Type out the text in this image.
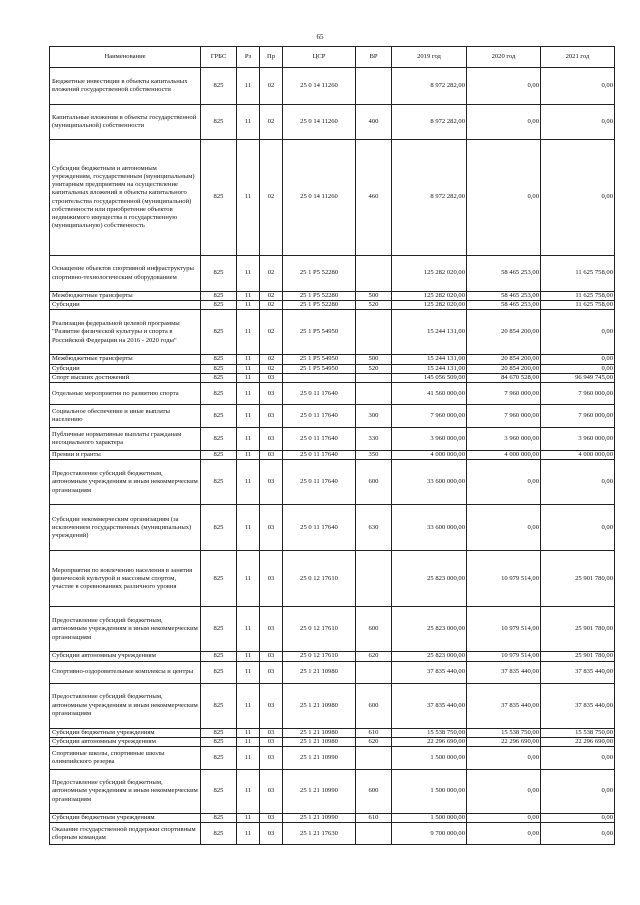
65
Наименование	ГРБС	Рз	Пр	ЦСР	ВР	2019 год	2020 год	2021 год
Бюджетные инвестиции в объекты капитальных вложений государственной собственности	825	11	02	25 0 14 11260		8 972 282,00	0,00	0,00
Капитальные вложения в объекты государственной (муниципальной) собственности	825	11	02	25 0 14 11260	400	8 972 282,00	0,00	0,00
Субсидии бюджетным и автономным учреждениям, государственным (муниципальным) унитарным предприятиям на осуществление капитальных вложений в объекты капитального строительства государственной (муниципальной) собственности или приобретение объектов недвижимого имущества в государственную (муниципальную) собственность	825	11	02	25 0 14 11260	460	8 972 282,00	0,00	0,00
Оснащение объектов спортивной инфраструктуры спортивно-технологическим оборудованием	825	11	02	25 1 P5 52280		125 282 020,00	58 465 253,00	11 625 758,00
Межбюджетные трансферты	825	11	02	25 1 P5 52280	500	125 282 020,00	58 465 253,00	11 625 758,00
Субсидии	825	11	02	25 1 P5 52280	520	125 282 020,00	58 465 253,00	11 625 758,00
Реализация федеральной целевой программы "Развитие физической культуры и спорта в Российской Федерации на 2016 - 2020 годы"	825	11	02	25 1 P5 54950		15 244 131,00	20 854 200,00	0,00
Межбюджетные трансферты	825	11	02	25 1 P5 54950	500	15 244 131,00	20 854 200,00	0,00
Субсидии	825	11	02	25 1 P5 54950	520	15 244 131,00	20 854 200,00	0,00
Спорт высших достижений	825	11	03			145 056 509,00	84 670 528,00	96 949 745,00
Отдельные мероприятия по развитию спорта	825	11	03	25 0 11 17640		41 560 000,00	7 960 000,00	7 960 000,00
Социальное обеспечение и иные выплаты населению	825	11	03	25 0 11 17640	300	7 960 000,00	7 960 000,00	7 960 000,00
Публичные нормативные выплаты гражданам несоциального характера	825	11	03	25 0 11 17640	330	3 960 000,00	3 960 000,00	3 960 000,00
Премии и гранты	825	11	03	25 0 11 17640	350	4 000 000,00	4 000 000,00	4 000 000,00
Предоставление субсидий бюджетным, автономным учреждениям и иным некоммерческим организациям	825	11	03	25 0 11 17640	600	33 600 000,00	0,00	0,00
Субсидии некоммерческим организациям (за исключением государственных (муниципальных) учреждений)	825	11	03	25 0 11 17640	630	33 600 000,00	0,00	0,00
Мероприятия по вовлечению населения в занятия физической культурой и массовым спортом, участие в соревнованиях различного уровня	825	11	03	25 0 12 17610		25 823 000,00	10 979 514,00	25 901 780,00
Предоставление субсидий бюджетным, автономным учреждениям и иным некоммерческим организациям	825	11	03	25 0 12 17610	600	25 823 000,00	10 979 514,00	25 901 780,00
Субсидии автономным учреждениям	825	11	03	25 0 12 17610	620	25 823 000,00	10 979 514,00	25 901 780,00
Спортивно-оздоровительные комплексы и центры	825	11	03	25 1 21 10980		37 835 440,00	37 835 440,00	37 835 440,00
Предоставление субсидий бюджетным, автономным учреждениям и иным некоммерческим организациям	825	11	03	25 1 21 10980	600	37 835 440,00	37 835 440,00	37 835 440,00
Субсидии бюджетным учреждениям	825	11	03	25 1 21 10980	610	15 538 750,00	15 538 750,00	15 538 750,00
Субсидии автономным учреждениям	825	11	03	25 1 21 10980	620	22 296 690,00	22 296 690,00	22 296 690,00
Спортивные школы, спортивные школы олимпийского резерва	825	11	03	25 1 21 10990		1 500 000,00	0,00	0,00
Предоставление субсидий бюджетным, автономным учреждениям и иным некоммерческим организациям	825	11	03	25 1 21 10990	600	1 500 000,00	0,00	0,00
Субсидии бюджетным учреждениям	825	11	03	25 1 21 10990	610	1 500 000,00	0,00	0,00
Оказание государственной поддержки спортивным сборным командам	825	11	03	25 1 21 17630		9 700 000,00	0,00	0,00
